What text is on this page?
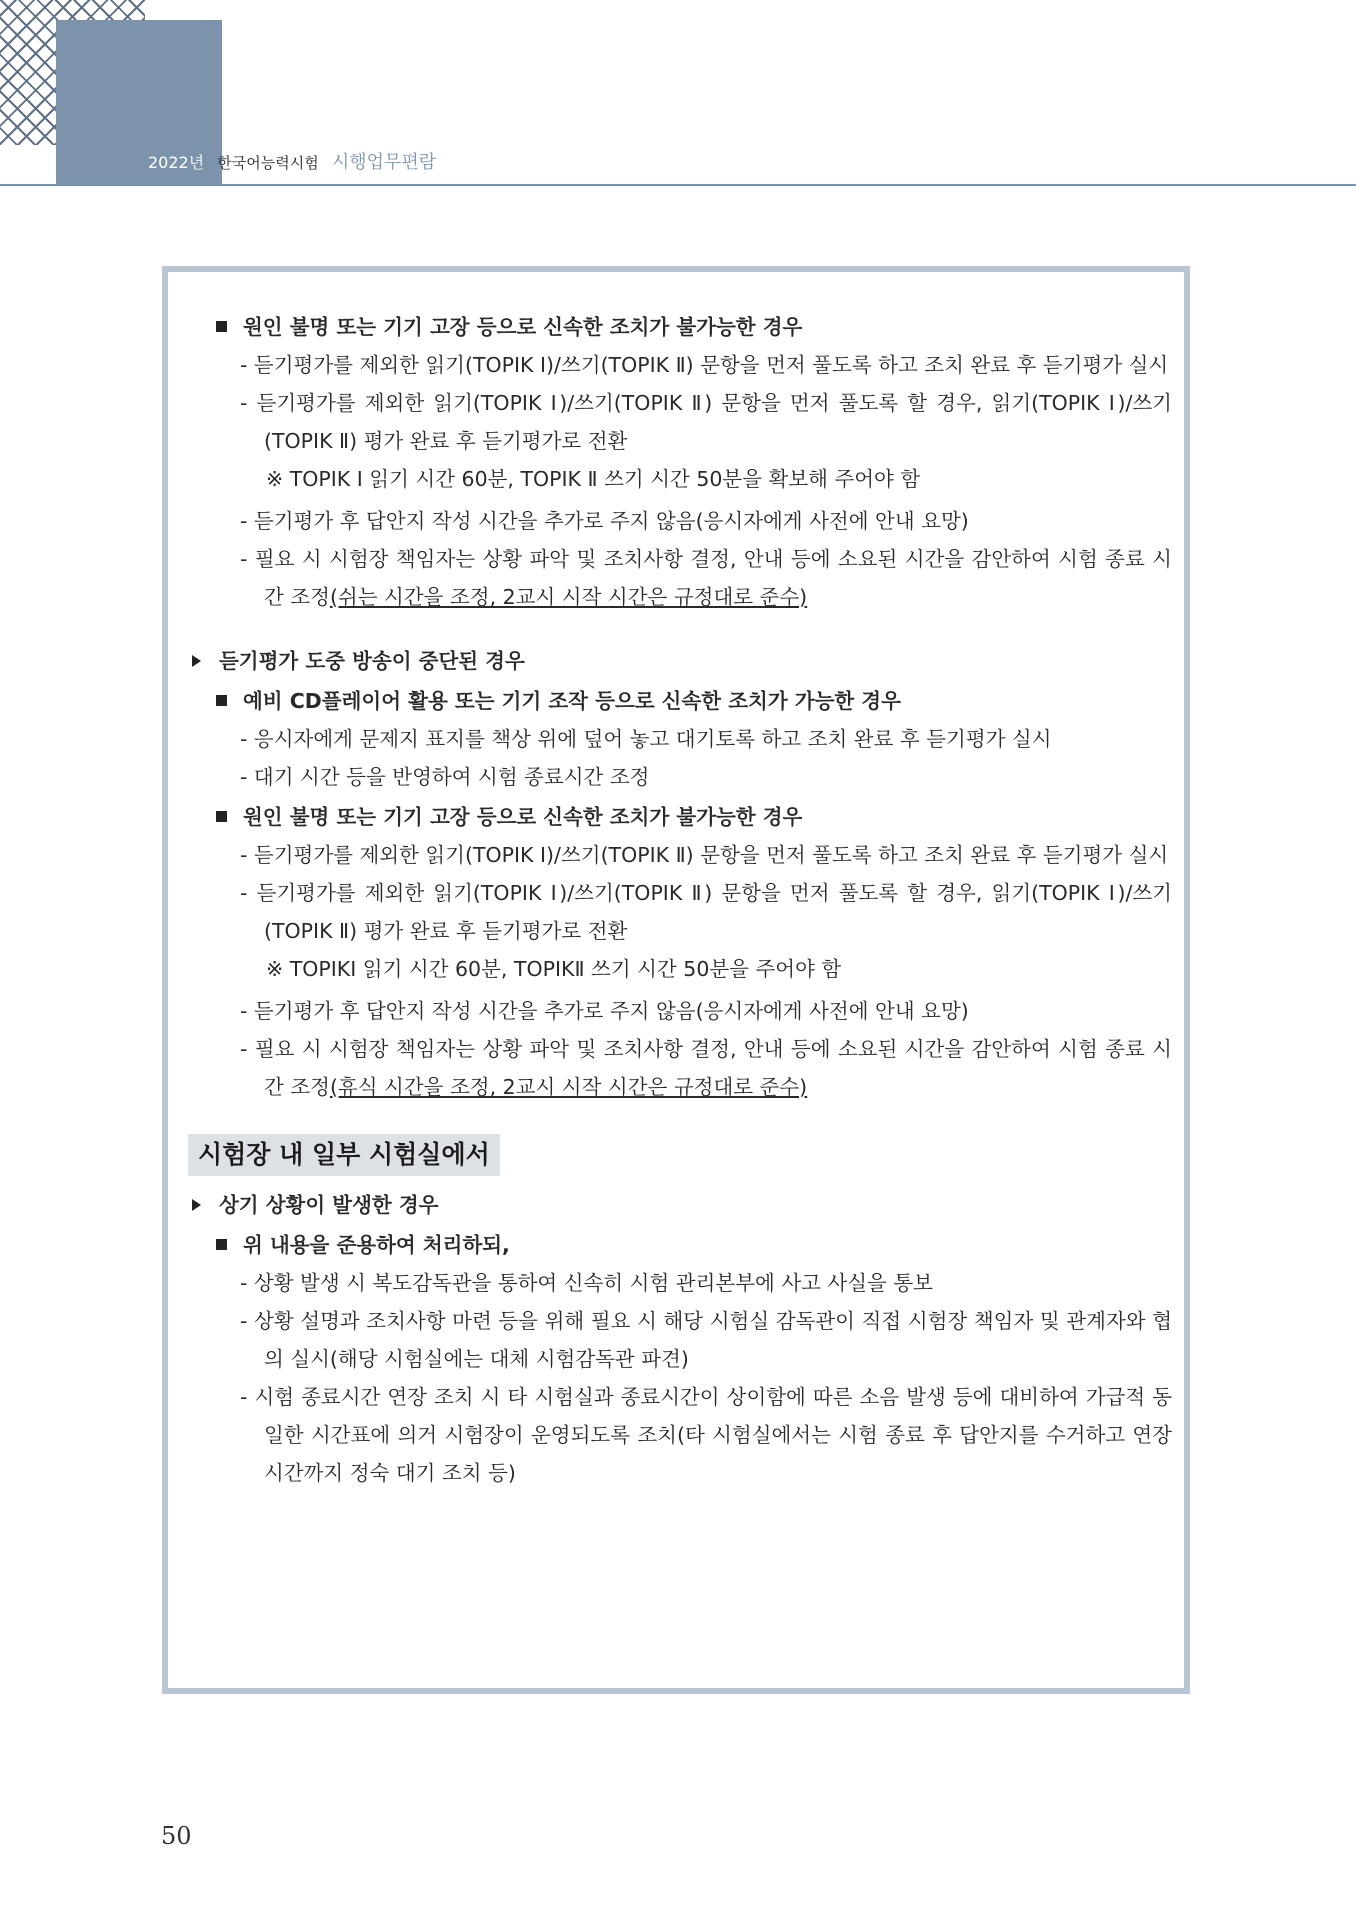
2022년 한국어능력시험 시행업무편람
원인 불명 또는 기기 고장 등으로 신속한 조치가 불가능한 경우
- 듣기평가를 제외한 읽기(TOPIK Ⅰ)/쓰기(TOPIK Ⅱ) 문항을 먼저 풀도록 하고 조치 완료 후 듣기평가 실시
- 듣기평가를 제외한 읽기(TOPIK Ⅰ)/쓰기(TOPIK Ⅱ) 문항을 먼저 풀도록 할 경우, 읽기(TOPIK Ⅰ)/쓰기(TOPIK Ⅱ) 평가 완료 후 듣기평가로 전환
※ TOPIK Ⅰ 읽기 시간 60분, TOPIK Ⅱ 쓰기 시간 50분을 확보해 주어야 함
- 듣기평가 후 답안지 작성 시간을 추가로 주지 않음(응시자에게 사전에 안내 요망)
- 필요 시 시험장 책임자는 상황 파악 및 조치사항 결정, 안내 등에 소요된 시간을 감안하여 시험 종료 시간 조정(쉬는 시간을 조정, 2교시 시작 시간은 규정대로 준수)
듣기평가 도중 방송이 중단된 경우
예비 CD플레이어 활용 또는 기기 조작 등으로 신속한 조치가 가능한 경우
- 응시자에게 문제지 표지를 책상 위에 덮어 놓고 대기토록 하고 조치 완료 후 듣기평가 실시
- 대기 시간 등을 반영하여 시험 종료시간 조정
원인 불명 또는 기기 고장 등으로 신속한 조치가 불가능한 경우
- 듣기평가를 제외한 읽기(TOPIK Ⅰ)/쓰기(TOPIK Ⅱ) 문항을 먼저 풀도록 하고 조치 완료 후 듣기평가 실시
- 듣기평가를 제외한 읽기(TOPIK Ⅰ)/쓰기(TOPIK Ⅱ) 문항을 먼저 풀도록 할 경우, 읽기(TOPIK Ⅰ)/쓰기(TOPIK Ⅱ) 평가 완료 후 듣기평가로 전환
※ TOPIKⅠ 읽기 시간 60분, TOPIKⅡ 쓰기 시간 50분을 주어야 함
- 듣기평가 후 답안지 작성 시간을 추가로 주지 않음(응시자에게 사전에 안내 요망)
- 필요 시 시험장 책임자는 상황 파악 및 조치사항 결정, 안내 등에 소요된 시간을 감안하여 시험 종료 시간 조정(휴식 시간을 조정, 2교시 시작 시간은 규정대로 준수)
시험장 내 일부 시험실에서
상기 상황이 발생한 경우
위 내용을 준용하여 처리하되,
- 상황 발생 시 복도감독관을 통하여 신속히 시험 관리본부에 사고 사실을 통보
- 상황 설명과 조치사항 마련 등을 위해 필요 시 해당 시험실 감독관이 직접 시험장 책임자 및 관계자와 협의 실시(해당 시험실에는 대체 시험감독관 파견)
- 시험 종료시간 연장 조치 시 타 시험실과 종료시간이 상이함에 따른 소음 발생 등에 대비하여 가급적 동일한 시간표에 의거 시험장이 운영되도록 조치(타 시험실에서는 시험 종료 후 답안지를 수거하고 연장 시간까지 정숙 대기 조치 등)
50
